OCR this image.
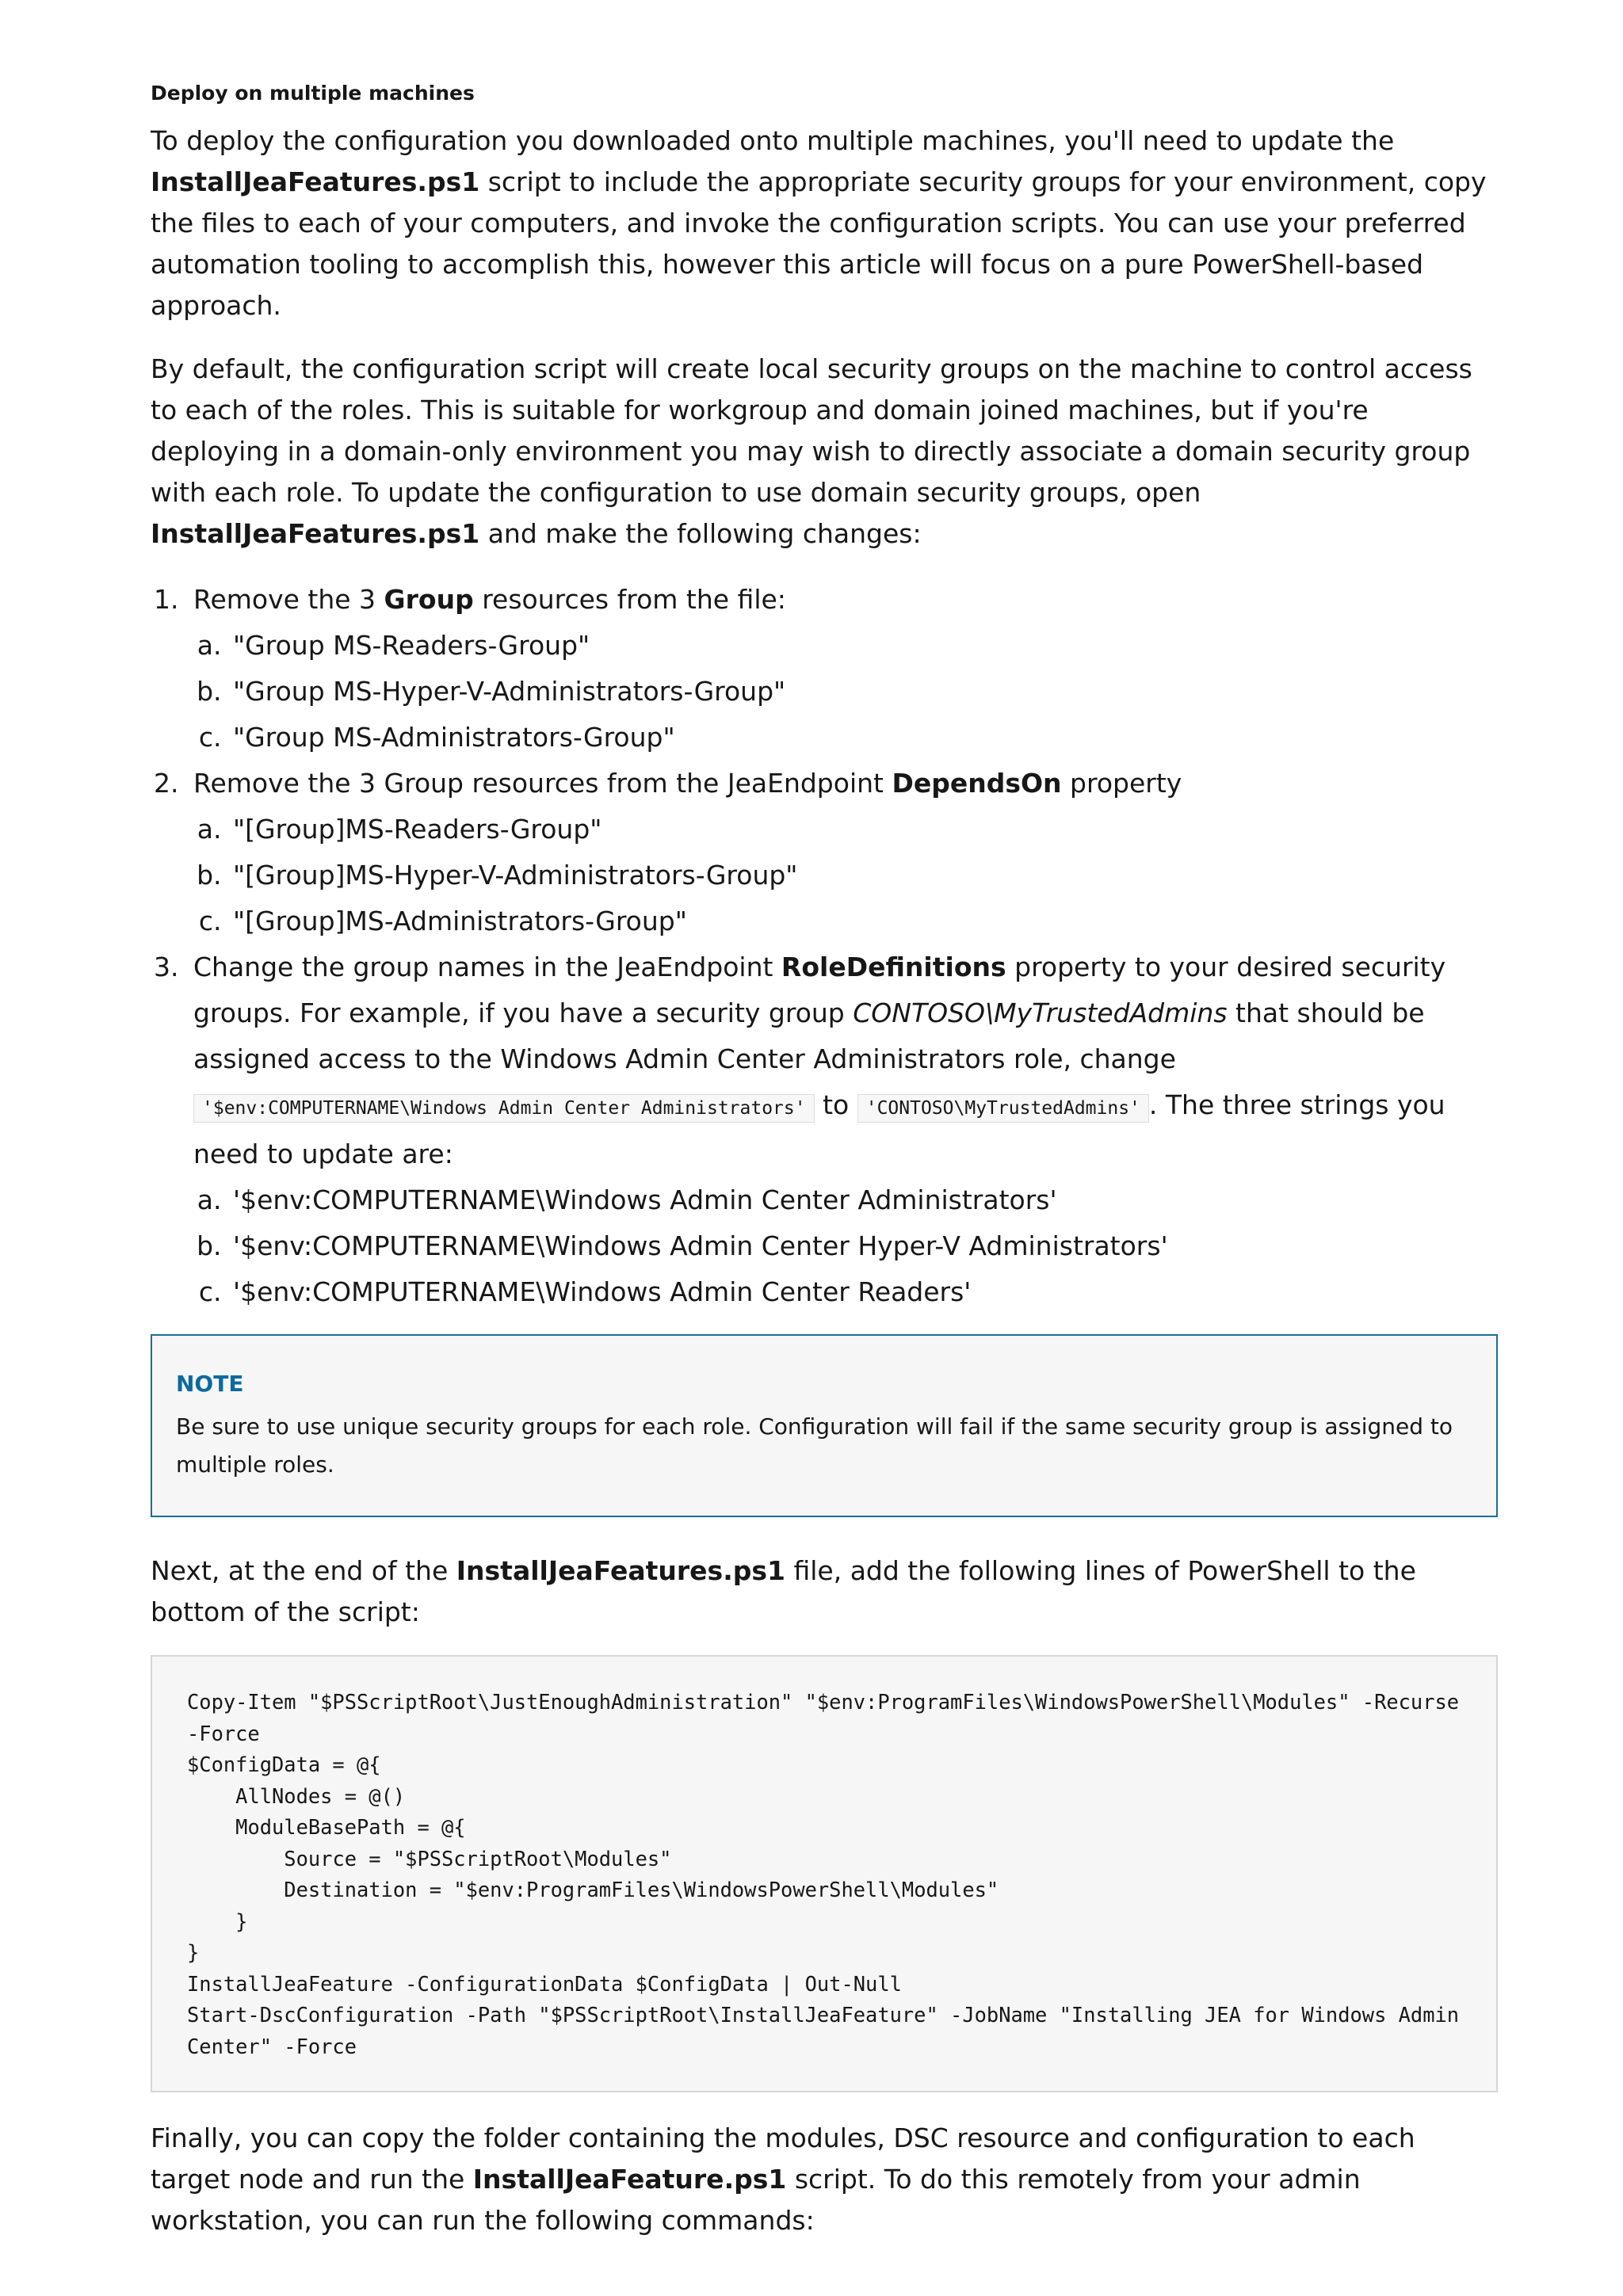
Deploy on multiple machines

To deploy the configuration you downloaded onto multiple machines, you'll need to update the InstallJeaFeatures.ps1 script to include the appropriate security groups for your environment, copy the files to each of your computers, and invoke the configuration scripts. You can use your preferred automation tooling to accomplish this, however this article will focus on a pure PowerShell-based approach.

By default, the configuration script will create local security groups on the machine to control access to each of the roles. This is suitable for workgroup and domain joined machines, but if you're deploying in a domain-only environment you may wish to directly associate a domain security group with each role. To update the configuration to use domain security groups, open InstallJeaFeatures.ps1 and make the following changes:

1. Remove the 3 Group resources from the file:
a. "Group MS-Readers-Group"
b. "Group MS-Hyper-V-Administrators-Group"
c. "Group MS-Administrators-Group"
2. Remove the 3 Group resources from the JeaEndpoint DependsOn property
a. "[Group]MS-Readers-Group"
b. "[Group]MS-Hyper-V-Administrators-Group"
c. "[Group]MS-Administrators-Group"
3. Change the group names in the JeaEndpoint RoleDefinitions property to your desired security groups. For example, if you have a security group CONTOSO\MyTrustedAdmins that should be assigned access to the Windows Admin Center Administrators role, change '$env:COMPUTERNAME\Windows Admin Center Administrators' to 'CONTOSO\MyTrustedAdmins' . The three strings you need to update are:
a. '$env:COMPUTERNAME\Windows Admin Center Administrators'
b. '$env:COMPUTERNAME\Windows Admin Center Hyper-V Administrators'
c. '$env:COMPUTERNAME\Windows Admin Center Readers'
NOTE
Be sure to use unique security groups for each role. Configuration will fail if the same security group is assigned to multiple roles.

Next, at the end of the InstallJeaFeatures.ps1 file, add the following lines of PowerShell to the bottom of the script:

Copy-Item "$PSScriptRoot\JustEnoughAdministration" "$env:ProgramFiles\WindowsPowerShell\Modules" -Recurse -Force
$ConfigData = @{
AllNodes = @()
ModuleBasePath = @{
Source = "$PSScriptRoot\Modules"
Destination = "$env:ProgramFiles\WindowsPowerShell\Modules"
}
}
InstallJeaFeature -ConfigurationData $ConfigData | Out-Null
Start-DscConfiguration -Path "$PSScriptRoot\InstallJeaFeature" -JobName "Installing JEA for Windows Admin Center" -Force

Finally, you can copy the folder containing the modules, DSC resource and configuration to each target node and run the InstallJeaFeature.ps1 script. To do this remotely from your admin workstation, you can run the following commands:
